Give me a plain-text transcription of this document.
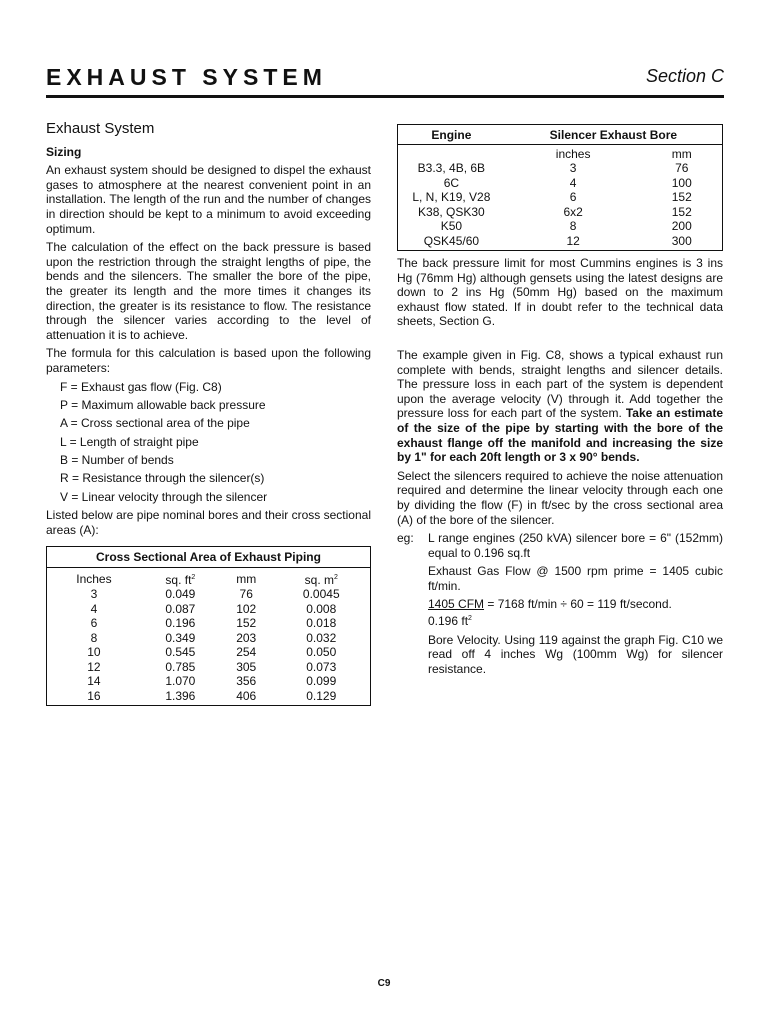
EXHAUST SYSTEM	Section C
Exhaust System
Sizing

An exhaust system should be designed to dispel the exhaust gases to atmosphere at the nearest convenient point in an installation. The length of the run and the number of changes in direction should be kept to a minimum to avoid exceeding optimum.

The calculation of the effect on the back pressure is based upon the restriction through the straight lengths of pipe, the bends and the silencers. The smaller the bore of the pipe, the greater its length and the more times it changes its direction, the greater is its resistance to flow. The resistance through the silencer varies according to the level of attenuation it is to achieve.

The formula for this calculation is based upon the following parameters:

F = Exhaust gas flow (Fig. C8)
P = Maximum allowable back pressure
A = Cross sectional area of the pipe
L = Length of straight pipe
B = Number of bends
R = Resistance through the silencer(s)
V = Linear velocity through the silencer

Listed below are pipe nominal bores and their cross sectional areas (A):

Cross Sectional Area of Exhaust Piping			
Inches	sq. $ft^2$	mm	sq. $m^2$
3	0.049	76	0.0045
4	0.087	102	0.008
6	0.196	152	0.018
8	0.349	203	0.032
10	0.545	254	0.050
12	0.785	305	0.073
14	1.070	356	0.099
16	1.396	406	0.129
Engine	Silencer Exhaust Bore	
	inches	mm
B3.3, 4B, 6B	3	76
6C	4	100
L, N, K19, V28	6	152
K38, QSK30	6x2	152
K50	8	200
QSK45/60	12	300

The back pressure limit for most Cummins engines is 3 ins Hg (76mm Hg) although gensets using the latest designs are down to 2 ins Hg (50mm Hg) based on the maximum exhaust flow stated. If in doubt refer to the technical data sheets, Section G.

The example given in Fig. C8, shows a typical exhaust run complete with bends, straight lengths and silencer details. The pressure loss in each part of the system is dependent upon the average velocity (V) through it. Add together the pressure loss for each part of the system. Take an estimate of the size of the pipe by starting with the bore of the exhaust flange off the manifold and increasing the size by 1" for each 20ft length or 3 x 90° bends.

Select the silencers required to achieve the noise attenuation required and determine the linear velocity through each one by dividing the flow (F) in ft/sec by the cross sectional area (A) of the bore of the silencer.

eg:	L range engines (250 kVA) silencer bore = 6" (152mm) equal to 0.196 sq.ft

Exhaust Gas Flow @ 1500 rpm prime = 1405 cubic ft/min.

1405 CFM = 7168 ft/min ÷ 60 = 119 ft/second.
0.196 $ft^2$

Bore Velocity. Using 119 against the graph Fig. C10 we read off 4 inches Wg (100mm Wg) for silencer resistance.

C9
